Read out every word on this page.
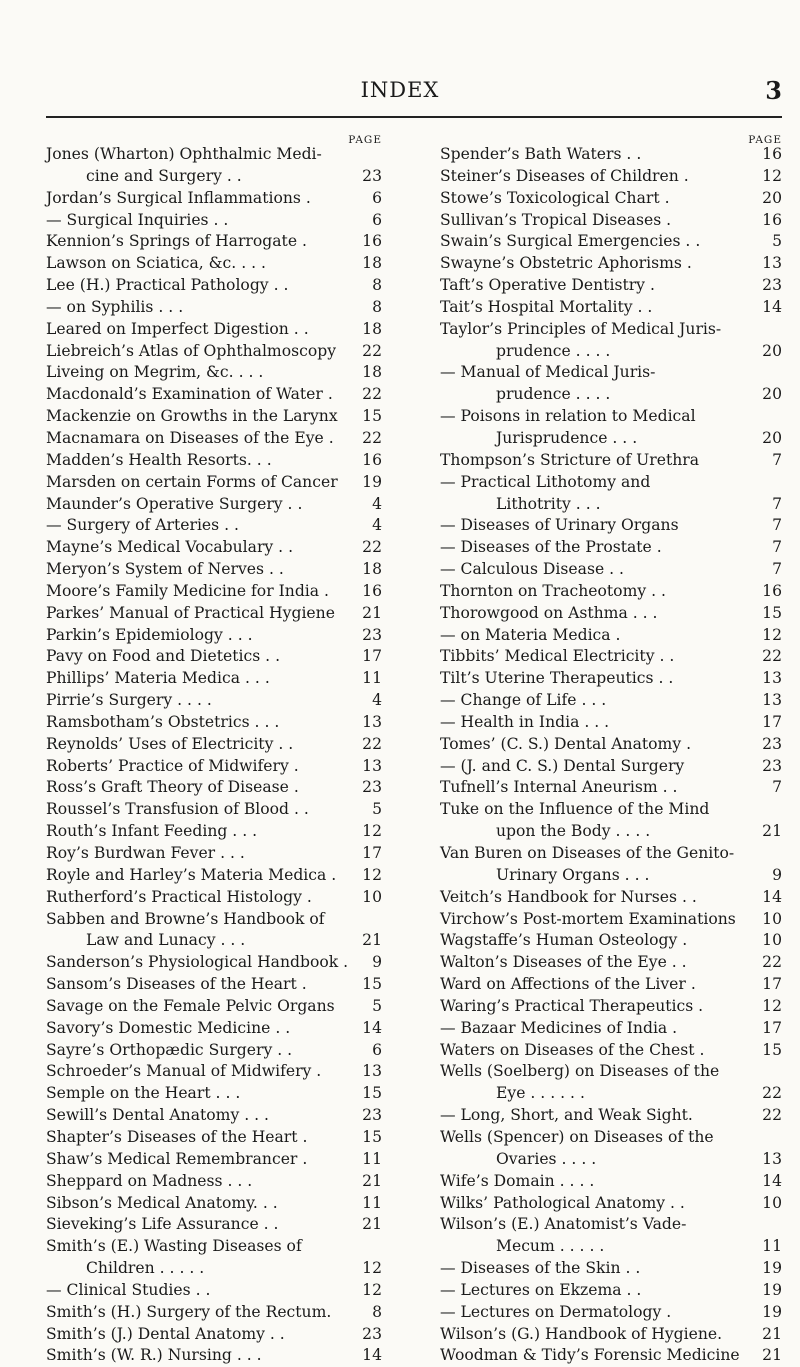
INDEX	3
PAGE
Jones (Wharton) Ophthalmic Medi-
cine and Surgery . .	23
Jordan’s Surgical Inflammations .	6
— Surgical Inquiries . .	6
Kennion’s Springs of Harrogate .	16
Lawson on Sciatica, &c. . . .	18
Lee (H.) Practical Pathology . .	8
— on Syphilis . . .	8
Leared on Imperfect Digestion . .	18
Liebreich’s Atlas of Ophthalmoscopy 22
Liveing on Megrim, &c. . . .	18
Macdonald’s Examination of Water . 22
Mackenzie on Growths in the Larynx 15
Macnamara on Diseases of the Eye . 22
Madden’s Health Resorts. . .	16
Marsden on certain Forms of Cancer 19
Maunder’s Operative Surgery . .	4
— Surgery of Arteries . .	4
Mayne’s Medical Vocabulary . .	22
Meryon’s System of Nerves . .	18
Moore’s Family Medicine for India . 16
Parkes’ Manual of Practical Hygiene 21
Parkin’s Epidemiology . . .	23
Pavy on Food and Dietetics . .	17
Phillips’ Materia Medica . . .	11
Pirrie’s Surgery . . . .	4
Ramsbotham’s Obstetrics . . .	13
Reynolds’ Uses of Electricity . .	22
Roberts’ Practice of Midwifery .	13
Ross’s Graft Theory of Disease .	23
Roussel’s Transfusion of Blood . .	5
Routh’s Infant Feeding . . .	12
Roy’s Burdwan Fever . . .	17
Royle and Harley’s Materia Medica . 12
Rutherford’s Practical Histology .	10
Sabben and Browne’s Handbook of
Law and Lunacy . . .	21
Sanderson’s Physiological Handbook . 9
Sansom’s Diseases of the Heart .	15
Savage on the Female Pelvic Organs 5
Savory’s Domestic Medicine . .	14
Sayre’s Orthopædic Surgery . .	6
Schroeder’s Manual of Midwifery .	13
Semple on the Heart . . .	15
Sewill’s Dental Anatomy . . .	23
Shapter’s Diseases of the Heart .	15
Shaw’s Medical Remembrancer .	11
Sheppard on Madness . . .	21
Sibson’s Medical Anatomy. . .	11
Sieveking’s Life Assurance . .	21
Smith’s (E.) Wasting Diseases of
Children . . . . .	12
— Clinical Studies . .	12
Smith’s (H.) Surgery of the Rectum.	8
Smith’s (J.) Dental Anatomy . .	23
Smith’s (W. R.) Nursing . . .	14
PAGE
Spender’s Bath Waters . .	16
Steiner’s Diseases of Children .	12
Stowe’s Toxicological Chart .	20
Sullivan’s Tropical Diseases .	16
Swain’s Surgical Emergencies . .	5
Swayne’s Obstetric Aphorisms .	13
Taft’s Operative Dentistry .	23
Tait’s Hospital Mortality . .	14
Taylor’s Principles of Medical Juris-
prudence . . . .	20
— Manual of Medical Juris-
prudence . . . .	20
— Poisons in relation to Medical
Jurisprudence . . .	20
Thompson’s Stricture of Urethra	7
— Practical Lithotomy and
Lithotrity . . .	7
— Diseases of Urinary Organs	7
— Diseases of the Prostate .	7
— Calculous Disease . .	7
Thornton on Tracheotomy . .	16
Thorowgood on Asthma . . .	15
— on Materia Medica .	12
Tibbits’ Medical Electricity . .	22
Tilt’s Uterine Therapeutics . .	13
— Change of Life . . .	13
— Health in India . . .	17
Tomes’ (C. S.) Dental Anatomy .	23
— (J. and C. S.) Dental Surgery	23
Tufnell’s Internal Aneurism . .	7
Tuke on the Influence of the Mind
upon the Body . . . .	21
Van Buren on Diseases of the Genito-
Urinary Organs . . .	9
Veitch’s Handbook for Nurses . .	14
Virchow’s Post-mortem Examinations 10
Wagstaffe’s Human Osteology .	10
Walton’s Diseases of the Eye . .	22
Ward on Affections of the Liver .	17
Waring’s Practical Therapeutics .	12
— Bazaar Medicines of India .	17
Waters on Diseases of the Chest .	15
Wells (Soelberg) on Diseases of the
Eye . . . . . .	22
— Long, Short, and Weak Sight.	22
Wells (Spencer) on Diseases of the
Ovaries . . . .	13
Wife’s Domain . . . .	14
Wilks’ Pathological Anatomy . .	10
Wilson’s (E.) Anatomist’s Vade-
Mecum . . . . .	11
— Diseases of the Skin . .	19
— Lectures on Ekzema . .	19
— Lectures on Dermatology .	19
Wilson’s (G.) Handbook of Hygiene.	21
Woodman & Tidy’s Forensic Medicine 21
